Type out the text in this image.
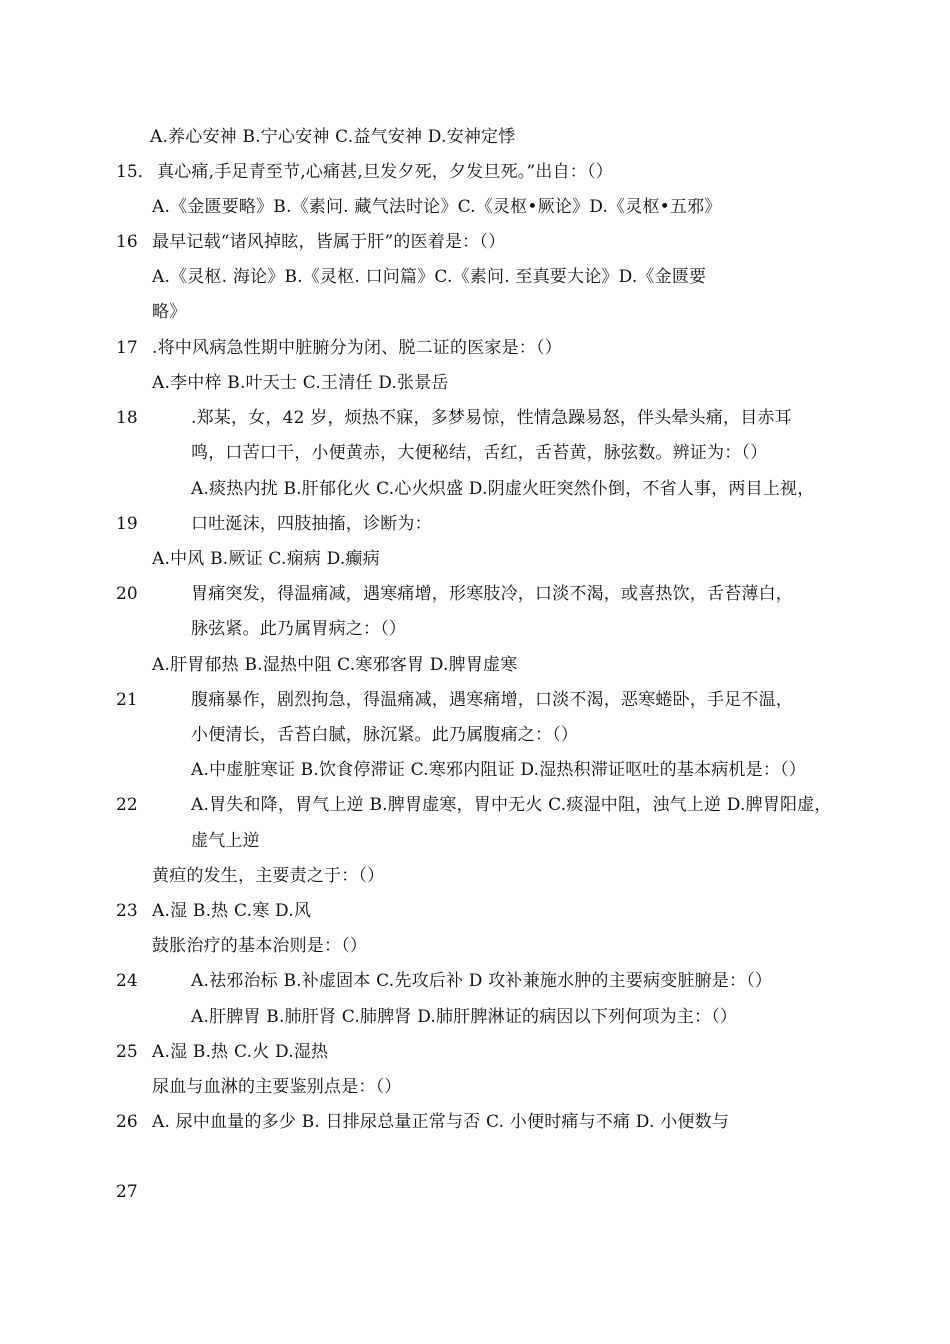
A.养心安神 B.宁心安神 C.益气安神 D.安神定悸
15． 真心痛,手足青至节,心痛甚,旦发夕死，夕发旦死。”出自：（）
A.《金匮要略》B.《素问. 藏气法时论》C.《灵枢•厥论》D.《灵枢•五邪》
16 最早记载“诸风掉眩，皆属于肝”的医着是：（）
A.《灵枢. 海论》B.《灵枢. 口问篇》C.《素问. 至真要大论》D.《金匮要
略》
17 .将中风病急性期中脏腑分为闭、脱二证的医家是：（）
A.李中梓 B.叶天士 C.王清任 D.张景岳
18	.郑某，女，42 岁，烦热不寐，多梦易惊，性情急躁易怒，伴头晕头痛，目赤耳
鸣，口苦口干，小便黄赤，大便秘结，舌红，舌苔黄，脉弦数。辨证为：（）
A.痰热内扰 B.肝郁化火 C.心火炽盛 D.阴虚火旺突然仆倒，不省人事，两目上视，
19	口吐涎沫，四肢抽搐，诊断为：
A.中风 B.厥证 C.痫病 D.癫病
20	胃痛突发，得温痛减，遇寒痛增，形寒肢冷，口淡不渴，或喜热饮，舌苔薄白，
脉弦紧。此乃属胃病之：（）
A.肝胃郁热 B.湿热中阻 C.寒邪客胃 D.脾胃虚寒
21	腹痛暴作，剧烈拘急，得温痛减，遇寒痛增，口淡不渴，恶寒蜷卧，手足不温，
小便清长，舌苔白腻，脉沉紧。此乃属腹痛之：（）
A.中虚脏寒证 B.饮食停滞证 C.寒邪内阻证 D.湿热积滞证呕吐的基本病机是：（）
22	A.胃失和降，胃气上逆 B.脾胃虚寒，胃中无火 C.痰湿中阻，浊气上逆 D.脾胃阳虚，
虚气上逆
黄疸的发生，主要责之于：（）
23 A.湿 B.热 C.寒 D.风
鼓胀治疗的基本治则是：（）
24	A.祛邪治标 B.补虚固本 C.先攻后补 D 攻补兼施水肿的主要病变脏腑是：（）
A.肝脾胃 B.肺肝肾 C.肺脾肾 D.肺肝脾淋证的病因以下列何项为主：（）
25 A.湿 B.热 C.火 D.湿热
尿血与血淋的主要鉴别点是：（）
26 A. 尿中血量的多少 B. 日排尿总量正常与否 C. 小便时痛与不痛 D. 小便数与
27
